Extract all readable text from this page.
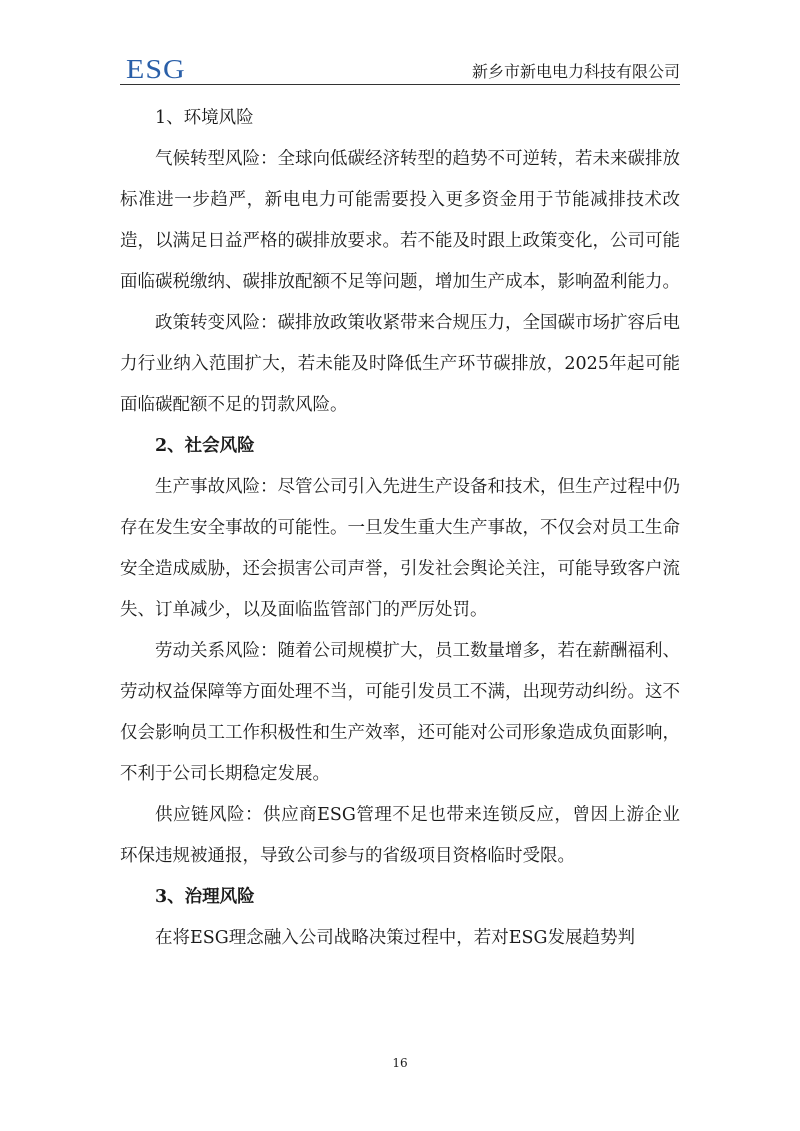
ESG	新乡市新电电力科技有限公司

1、环境风险

气候转型风险：全球向低碳经济转型的趋势不可逆转，若未来碳排放标准进一步趋严，新电电力可能需要投入更多资金用于节能减排技术改造，以满足日益严格的碳排放要求。若不能及时跟上政策变化，公司可能面临碳税缴纳、碳排放配额不足等问题，增加生产成本，影响盈利能力。

政策转变风险：碳排放政策收紧带来合规压力，全国碳市场扩容后电力行业纳入范围扩大，若未能及时降低生产环节碳排放，2025年起可能面临碳配额不足的罚款风险。

2、社会风险

生产事故风险：尽管公司引入先进生产设备和技术，但生产过程中仍存在发生安全事故的可能性。一旦发生重大生产事故，不仅会对员工生命安全造成威胁，还会损害公司声誉，引发社会舆论关注，可能导致客户流失、订单减少，以及面临监管部门的严厉处罚。

劳动关系风险：随着公司规模扩大，员工数量增多，若在薪酬福利、劳动权益保障等方面处理不当，可能引发员工不满，出现劳动纠纷。这不仅会影响员工工作积极性和生产效率，还可能对公司形象造成负面影响，不利于公司长期稳定发展。

供应链风险：供应商ESG管理不足也带来连锁反应，曾因上游企业环保违规被通报，导致公司参与的省级项目资格临时受限。

3、治理风险

在将ESG理念融入公司战略决策过程中，若对ESG发展趋势判

16
